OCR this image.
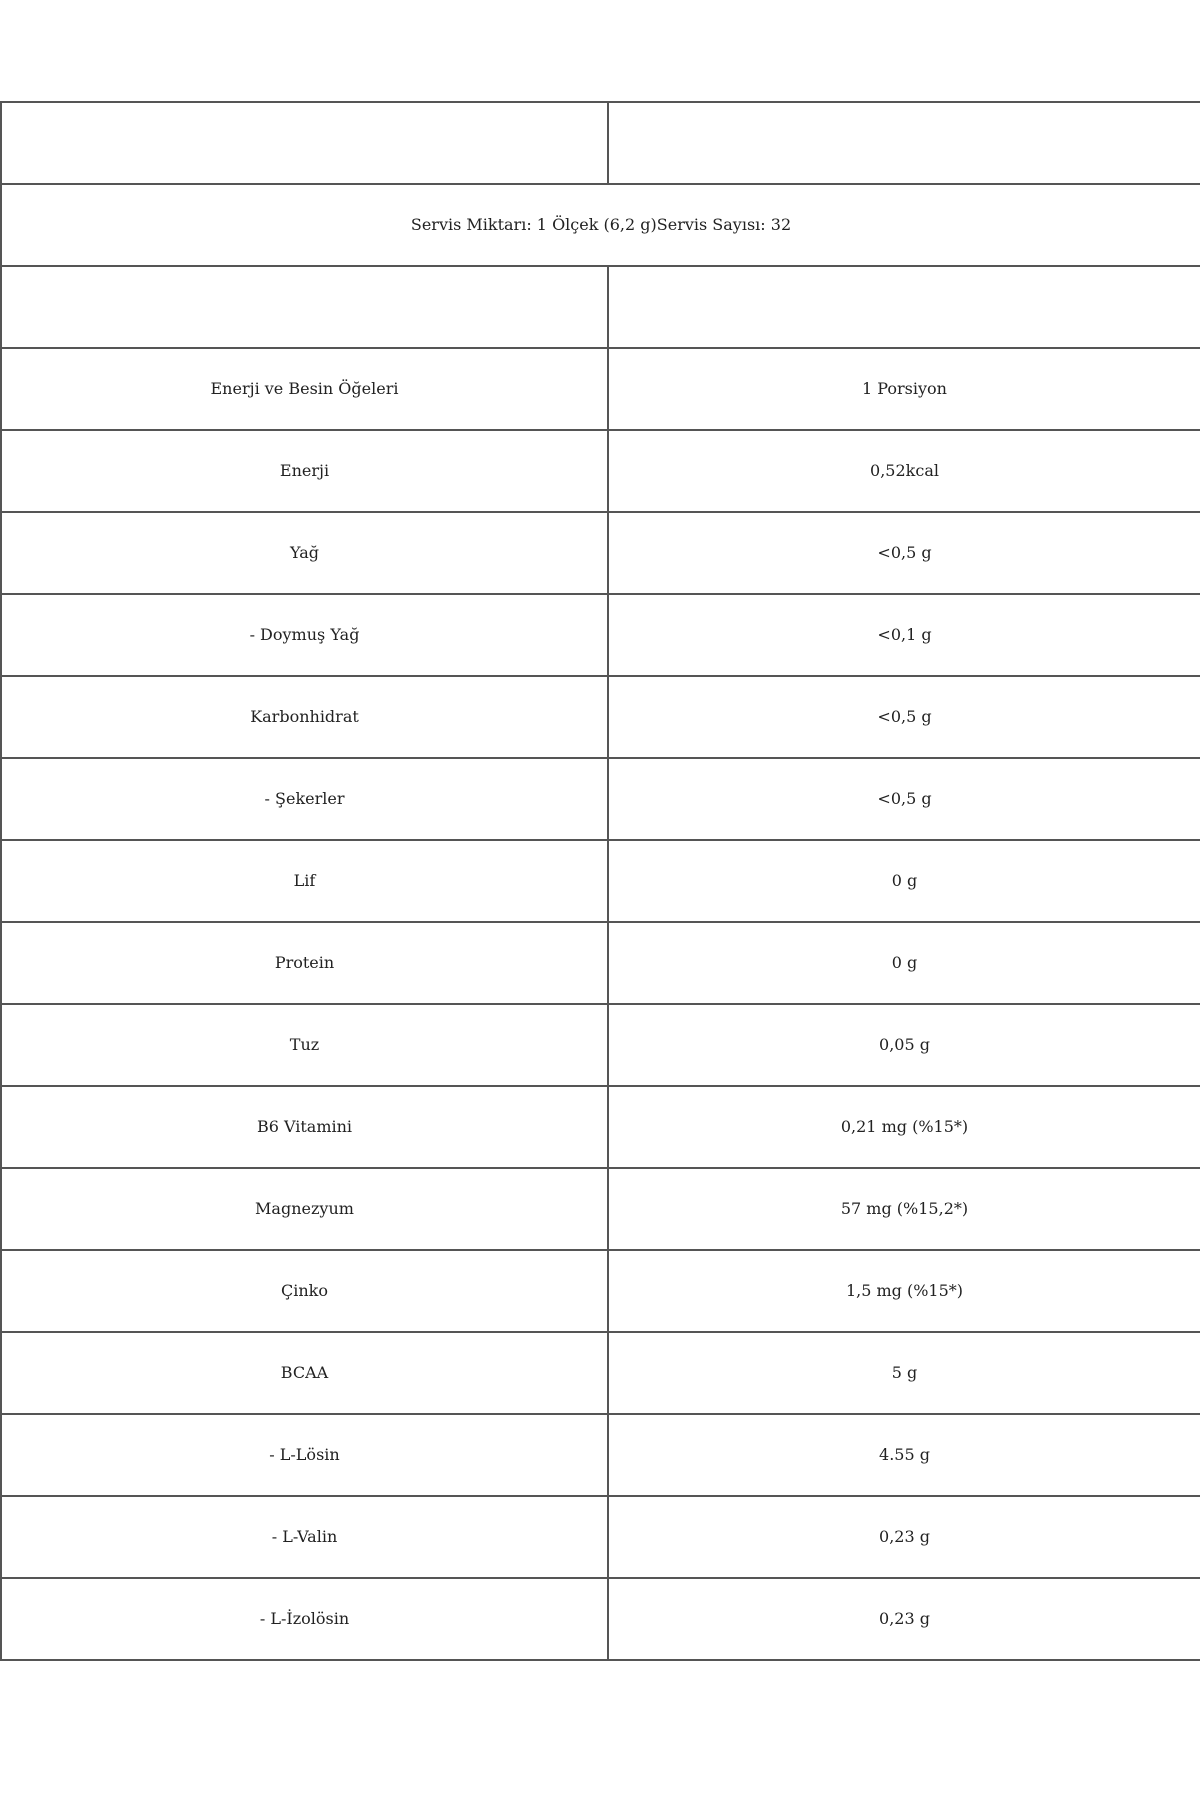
Servis Miktarı: 1 Ölçek (6,2 g)Servis Sayısı: 32	

Enerji ve Besin Öğeleri	1 Porsiyon
Enerji	0,52kcal
Yağ	<0,5 g
- Doymuş Yağ	<0,1 g
Karbonhidrat	<0,5 g
- Şekerler	<0,5 g
Lif	0 g
Protein	0 g
Tuz	0,05 g
B6 Vitamini	0,21 mg (%15*)
Magnezyum	57 mg (%15,2*)
Çinko	1,5 mg (%15*)
BCAA	5 g
- L-Lösin	4.55 g
- L-Valin	0,23 g
- L-İzolösin	0,23 g
